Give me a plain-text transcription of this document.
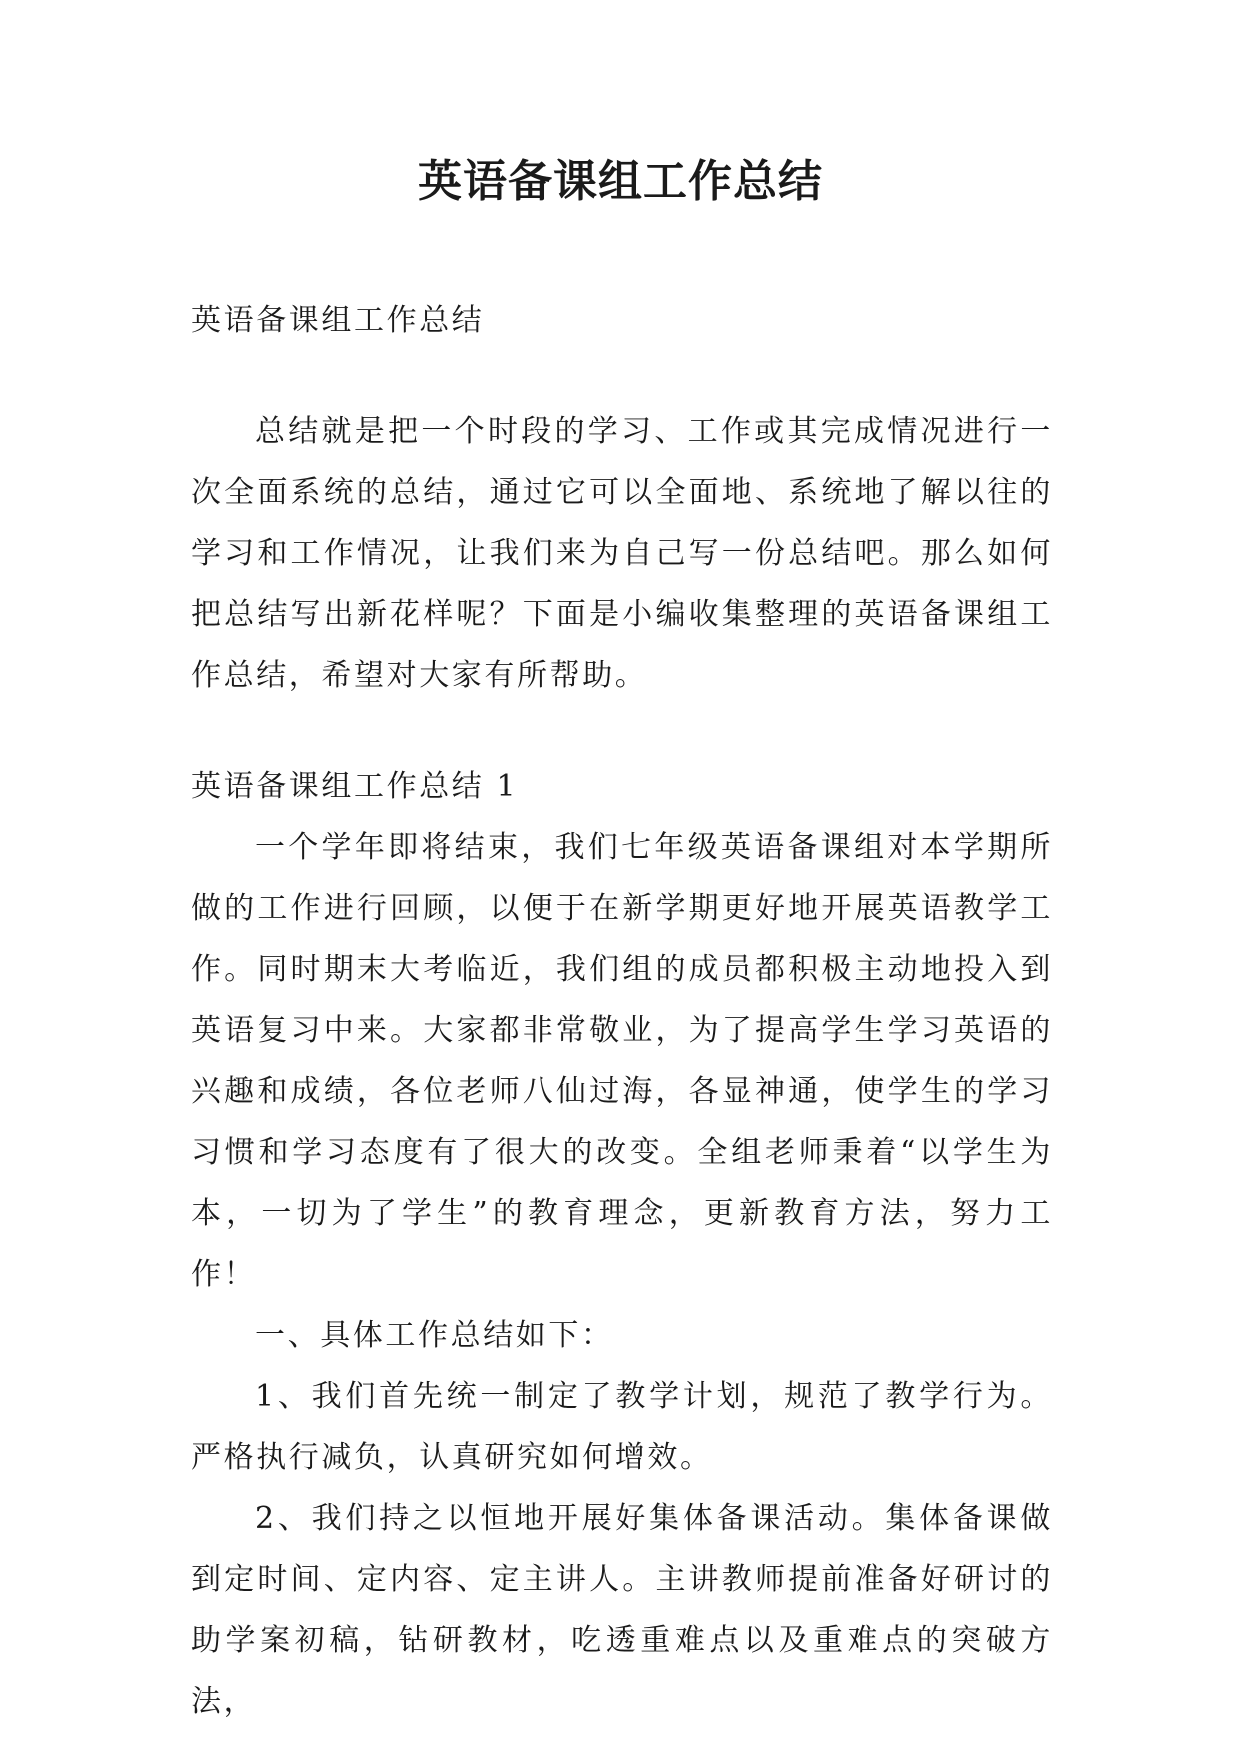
英语备课组工作总结

英语备课组工作总结

总结就是把一个时段的学习、工作或其完成情况进行一次全面系统的总结，通过它可以全面地、系统地了解以往的学习和工作情况，让我们来为自己写一份总结吧。那么如何把总结写出新花样呢？下面是小编收集整理的英语备课组工作总结，希望对大家有所帮助。

英语备课组工作总结 1

一个学年即将结束，我们七年级英语备课组对本学期所做的工作进行回顾，以便于在新学期更好地开展英语教学工作。同时期末大考临近，我们组的成员都积极主动地投入到英语复习中来。大家都非常敬业，为了提高学生学习英语的兴趣和成绩，各位老师八仙过海，各显神通，使学生的学习习惯和学习态度有了很大的改变。全组老师秉着“以学生为本，一切为了学生”的教育理念，更新教育方法，努力工作！

一、具体工作总结如下：

1、我们首先统一制定了教学计划，规范了教学行为。严格执行减负，认真研究如何增效。

2、我们持之以恒地开展好集体备课活动。集体备课做到定时间、定内容、定主讲人。主讲教师提前准备好研讨的助学案初稿，钻研教材，吃透重难点以及重难点的突破方法，
